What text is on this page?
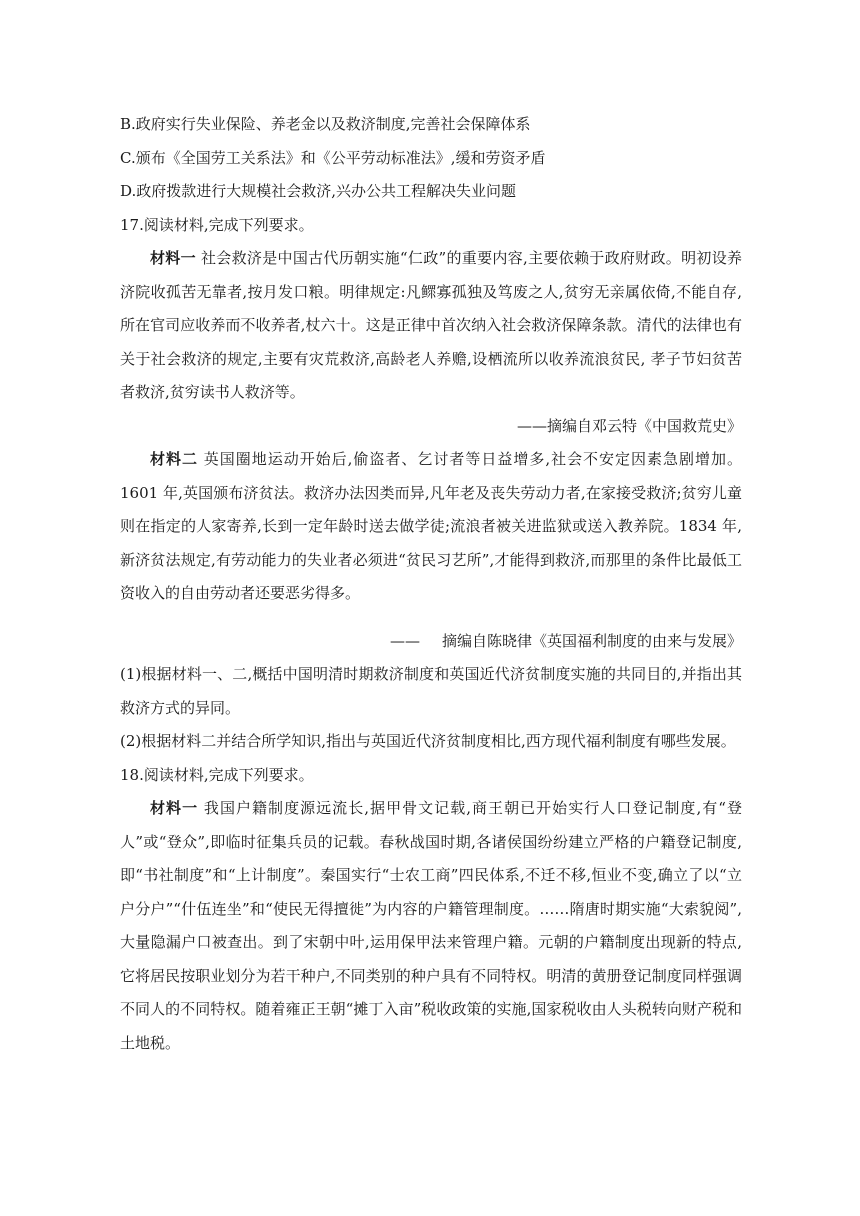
B.政府实行失业保险、养老金以及救济制度,完善社会保障体系
C.颁布《全国劳工关系法》和《公平劳动标准法》,缓和劳资矛盾
D.政府拨款进行大规模社会救济,兴办公共工程解决失业问题
17.阅读材料,完成下列要求。

材料一 社会救济是中国古代历朝实施“仁政”的重要内容,主要依赖于政府财政。明初设养济院收孤苦无靠者,按月发口粮。明律规定:凡鳏寡孤独及笃废之人,贫穷无亲属依倚,不能自存,所在官司应收养而不收养者,杖六十。这是正律中首次纳入社会救济保障条款。清代的法律也有关于社会救济的规定,主要有灾荒救济,高龄老人养赡,设栖流所以收养流浪贫民, 孝子节妇贫苦者救济,贫穷读书人救济等。

——摘编自邓云特《中国救荒史》

材料二 英国圈地运动开始后,偷盗者、乞讨者等日益增多,社会不安定因素急剧增加。1601 年,英国颁布济贫法。救济办法因类而异,凡年老及丧失劳动力者,在家接受救济;贫穷儿童则在指定的人家寄养,长到一定年龄时送去做学徒;流浪者被关进监狱或送入教养院。1834 年,新济贫法规定,有劳动能力的失业者必须进“贫民习艺所”,才能得到救济,而那里的条件比最低工资收入的自由劳动者还要恶劣得多。

—— 摘编自陈晓律《英国福利制度的由来与发展》

(1)根据材料一、二,概括中国明清时期救济制度和英国近代济贫制度实施的共同目的,并指出其救济方式的异同。

(2)根据材料二并结合所学知识,指出与英国近代济贫制度相比,西方现代福利制度有哪些发展。

18.阅读材料,完成下列要求。

材料一 我国户籍制度源远流长,据甲骨文记载,商王朝已开始实行人口登记制度,有“登人”或“登众”,即临时征集兵员的记载。春秋战国时期,各诸侯国纷纷建立严格的户籍登记制度,即“书社制度”和“上计制度”。秦国实行“士农工商”四民体系,不迁不移,恒业不变,确立了以“立户分户”“什伍连坐”和“使民无得擅徙”为内容的户籍管理制度。……隋唐时期实施“大索貌阅”,大量隐漏户口被查出。到了宋朝中叶,运用保甲法来管理户籍。元朝的户籍制度出现新的特点,它将居民按职业划分为若干种户,不同类别的种户具有不同特权。明清的黄册登记制度同样强调不同人的不同特权。随着雍正王朝“摊丁入亩”税收政策的实施,国家税收由人头税转向财产税和土地税。
